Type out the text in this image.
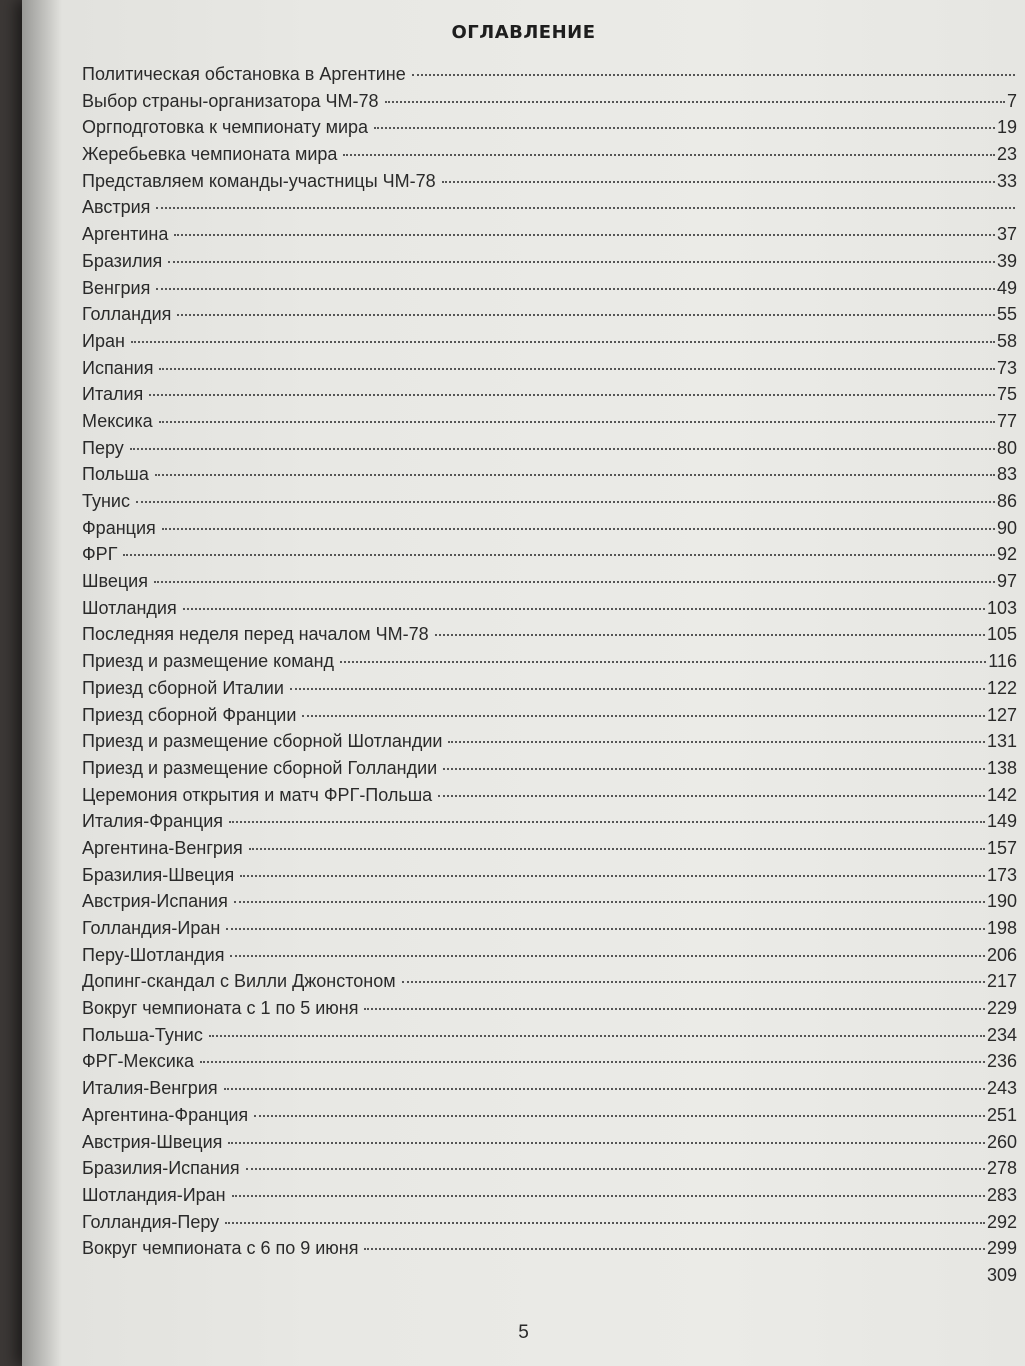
ОГЛАВЛЕНИЕ
Политическая обстановка в Аргентине
Выбор страны-организатора ЧМ-78	7
Оргподготовка к чемпионату мира	19
Жеребьевка чемпионата мира	23
Представляем команды-участницы ЧМ-78	33
Австрия
Аргентина	37
Бразилия	39
Венгрия	49
Голландия	55
Иран	58
Испания	73
Италия	75
Мексика	77
Перу	80
Польша	83
Тунис	86
Франция	90
ФРГ	92
Швеция	97
Шотландия	103
Последняя неделя перед началом ЧМ-78	105
Приезд и размещение команд	116
Приезд сборной Италии	122
Приезд сборной Франции	127
Приезд и размещение сборной Шотландии	131
Приезд и размещение сборной Голландии	138
Церемония открытия и матч ФРГ-Польша	142
Италия-Франция	149
Аргентина-Венгрия	157
Бразилия-Швеция	173
Австрия-Испания	190
Голландия-Иран	198
Перу-Шотландия	206
Допинг-скандал с Вилли Джонстоном	217
Вокруг чемпионата с 1 по 5 июня	229
Польша-Тунис	234
ФРГ-Мексика	236
Италия-Венгрия	243
Аргентина-Франция	251
Австрия-Швеция	260
Бразилия-Испания	278
Шотландия-Иран	283
Голландия-Перу	292
Вокруг чемпионата с 6 по 9 июня	299
309
5
